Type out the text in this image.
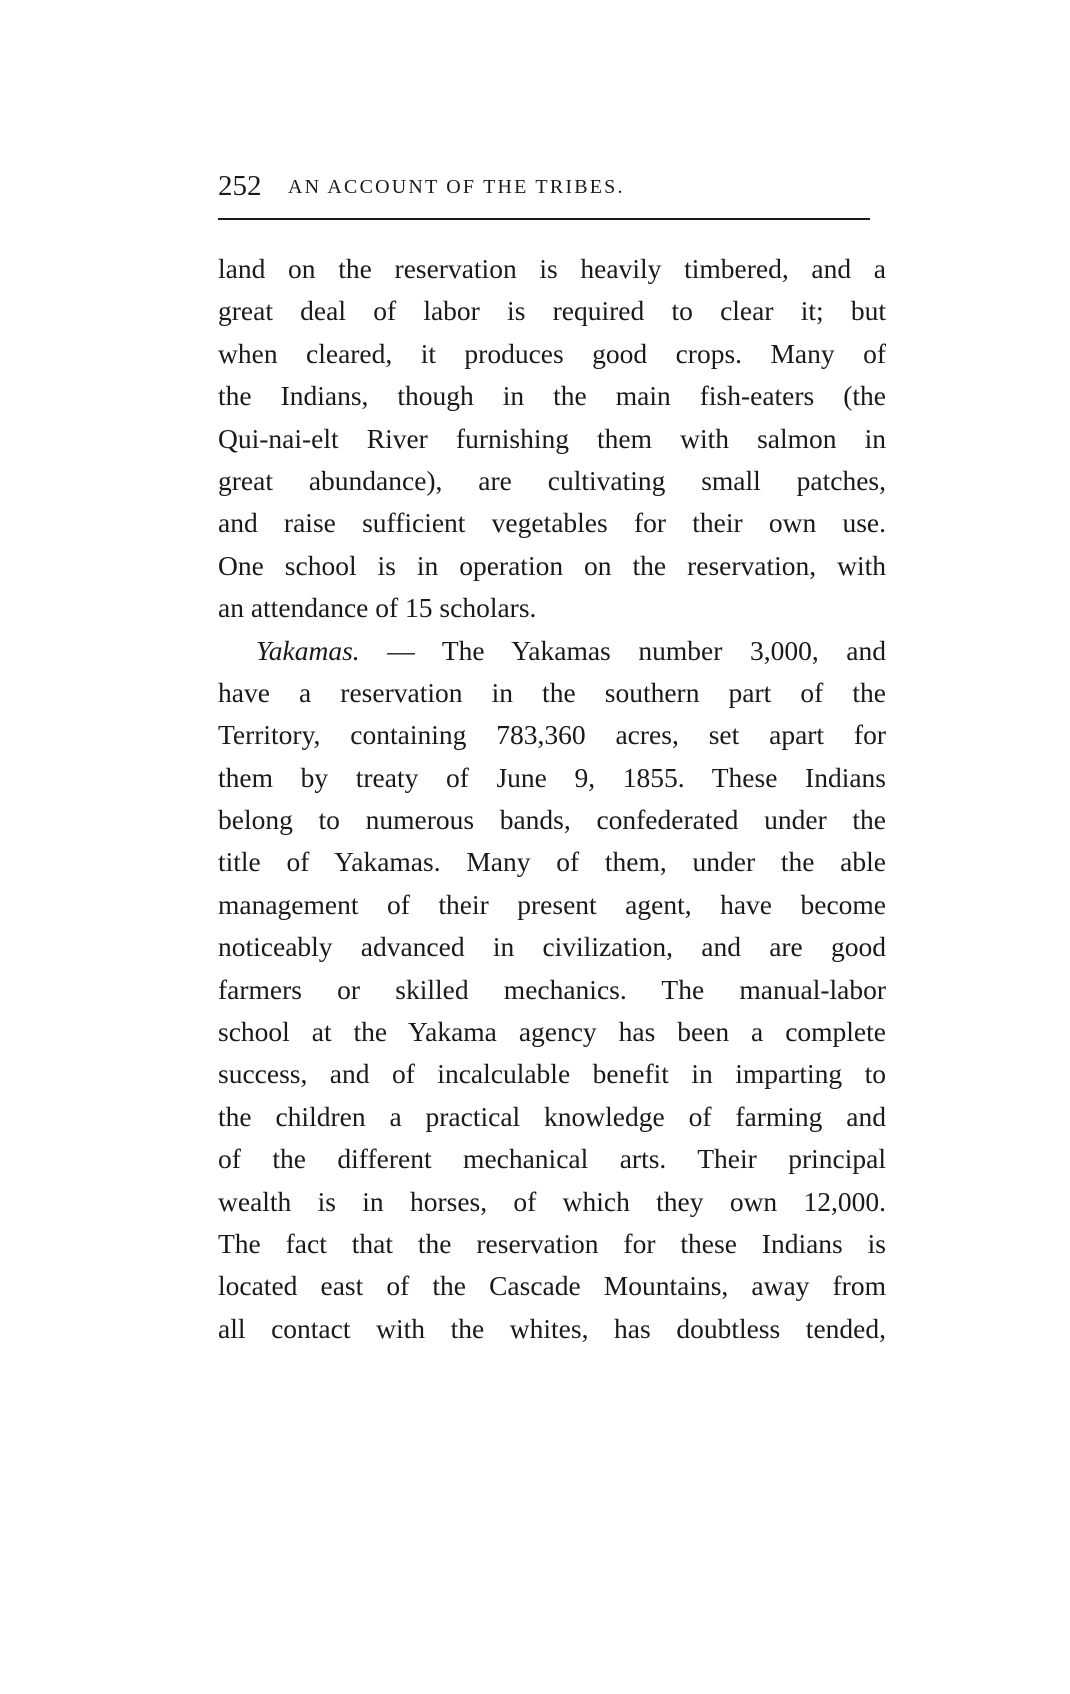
252 AN ACCOUNT OF THE TRIBES.
land on the reservation is heavily timbered, and a
great deal of labor is required to clear it; but
when cleared, it produces good crops. Many of
the Indians, though in the main fish-eaters (the
Qui-nai-elt River furnishing them with salmon in
great abundance), are cultivating small patches,
and raise sufficient vegetables for their own use.
One school is in operation on the reservation, with
an attendance of 15 scholars.
Yakamas. — The Yakamas number 3,000, and
have a reservation in the southern part of the
Territory, containing 783,360 acres, set apart for
them by treaty of June 9, 1855. These Indians
belong to numerous bands, confederated under the
title of Yakamas. Many of them, under the able
management of their present agent, have become
noticeably advanced in civilization, and are good
farmers or skilled mechanics. The manual-labor
school at the Yakama agency has been a complete
success, and of incalculable benefit in imparting to
the children a practical knowledge of farming and
of the different mechanical arts. Their principal
wealth is in horses, of which they own 12,000.
The fact that the reservation for these Indians is
located east of the Cascade Mountains, away from
all contact with the whites, has doubtless tended,
